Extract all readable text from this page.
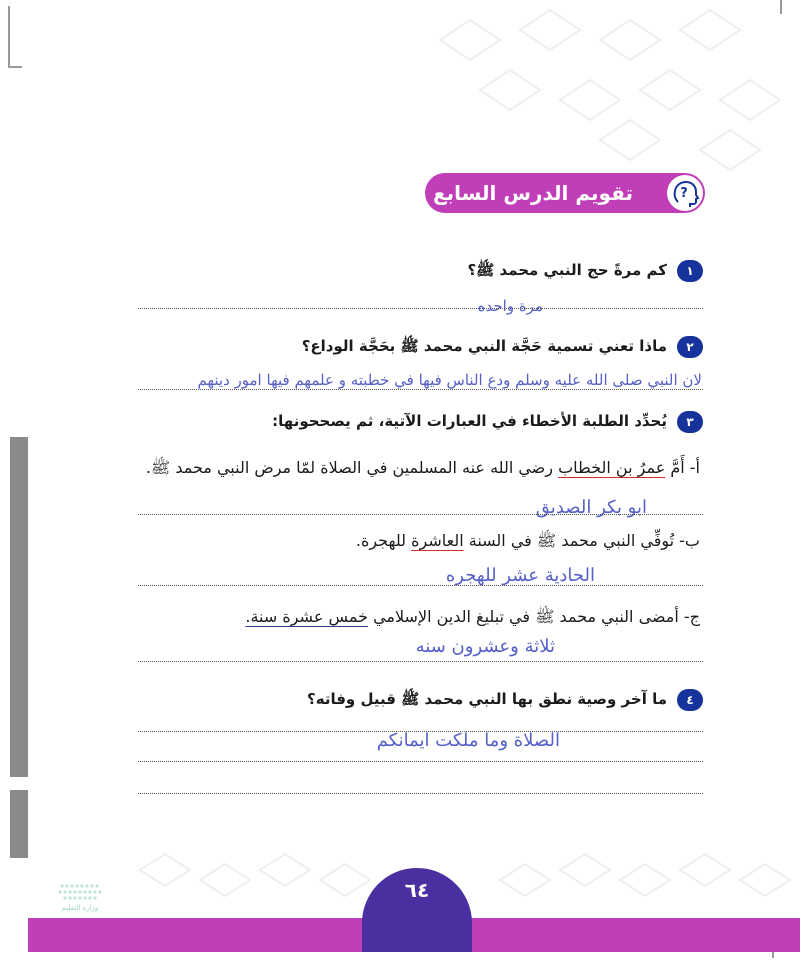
تقويم الدرس السابع	?
١
كم مرةً حج النبي محمد ﷺ؟
مرة واحده
٢
ماذا تعني تسمية حَجَّة النبي محمد ﷺ بحَجَّة الوداع؟
لان النبي صلى الله عليه وسلم ودع الناس فيها في خطبته و علمهم فيها امور دينهم
٣
يُحدِّد الطلبة الأخطاء في العبارات الآتية، ثم يصححونها:
أ- أَمَّ عمرُ بن الخطاب رضي الله عنه المسلمين في الصلاة لمّا مرض النبي محمد ﷺ.
ابو بكر الصديق
ب- تُوفِّي النبي محمد ﷺ في السنة العاشرة للهجرة.
الحادية عشر للهجره
ج- أمضى النبي محمد ﷺ في تبليغ الدين الإسلامي خمس عشرة سنة.
ثلاثة وعشرون سنه
٤
ما آخر وصية نطق بها النبي محمد ﷺ قبيل وفاته؟
الصلاة وما ملكت ايمانكم
وزارة التعليم
٦٤
